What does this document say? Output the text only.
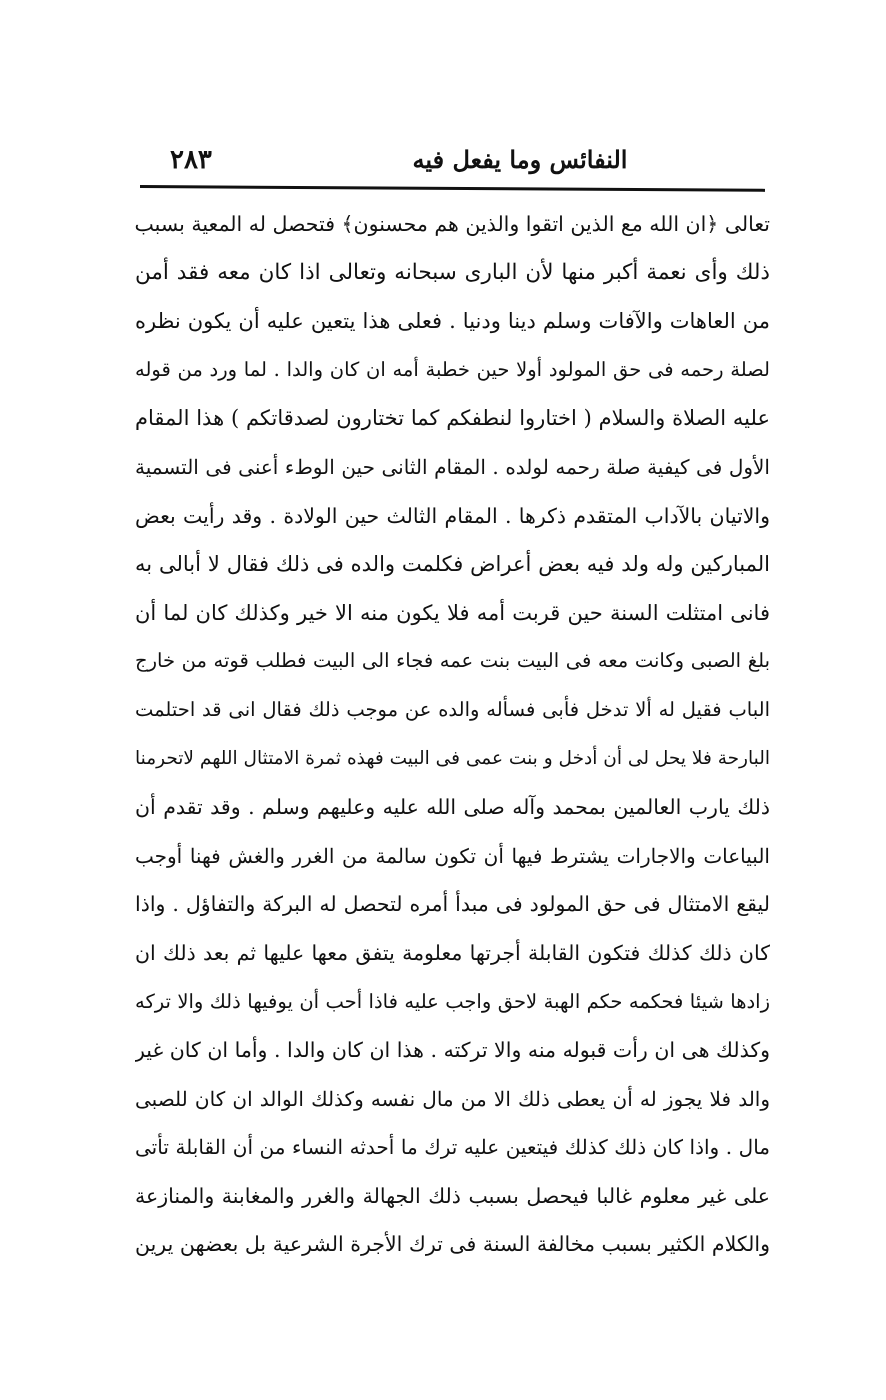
النفائس وما يفعل فيه
٢٨٣
تعالى ﴿ان الله مع الذين اتقوا والذين هم محسنون﴾ فتحصل له المعية بسبب
ذلك وأى نعمة أكبر منها لأن البارى سبحانه وتعالى اذا كان معه فقد أمن
من العاهات والآفات وسلم دينا ودنيا . فعلى هذا يتعين عليه أن يكون نظره
لصلة رحمه فى حق المولود أولا حين خطبة أمه ان كان والدا . لما ورد من قوله
عليه الصلاة والسلام ( اختاروا لنطفكم كما تختارون لصدقاتكم ) هذا المقام
الأول فى كيفية صلة رحمه لولده . المقام الثانى حين الوطء أعنى فى التسمية
والاتيان بالآداب المتقدم ذكرها . المقام الثالث حين الولادة . وقد رأيت بعض
المباركين وله ولد فيه بعض أعراض فكلمت والده فى ذلك فقال لا أبالى به
فانى امتثلت السنة حين قربت أمه فلا يكون منه الا خير وكذلك كان لما أن
بلغ الصبى وكانت معه فى البيت بنت عمه فجاء الى البيت فطلب قوته من خارج
الباب فقيل له ألا تدخل فأبى فسأله والده عن موجب ذلك فقال انى قد احتلمت
البارحة فلا يحل لى أن أدخل و بنت عمى فى البيت فهذه ثمرة الامتثال اللهم لاتحرمنا
ذلك يارب العالمين بمحمد وآله صلى الله عليه وعليهم وسلم . وقد تقدم أن
البياعات والاجارات يشترط فيها أن تكون سالمة من الغرر والغش فهنا أوجب
ليقع الامتثال فى حق المولود فى مبدأ أمره لتحصل له البركة والتفاؤل . واذا
كان ذلك كذلك فتكون القابلة أجرتها معلومة يتفق معها عليها ثم بعد ذلك ان
زادها شيئا فحكمه حكم الهبة لاحق واجب عليه فاذا أحب أن يوفيها ذلك والا تركه
وكذلك هى ان رأت قبوله منه والا تركته . هذا ان كان والدا . وأما ان كان غير
والد فلا يجوز له أن يعطى ذلك الا من مال نفسه وكذلك الوالد ان كان للصبى
مال . واذا كان ذلك كذلك فيتعين عليه ترك ما أحدثه النساء من أن القابلة تأتى
على غير معلوم غالبا فيحصل بسبب ذلك الجهالة والغرر والمغابنة والمنازعة
والكلام الكثير بسبب مخالفة السنة فى ترك الأجرة الشرعية بل بعضهن يرين
